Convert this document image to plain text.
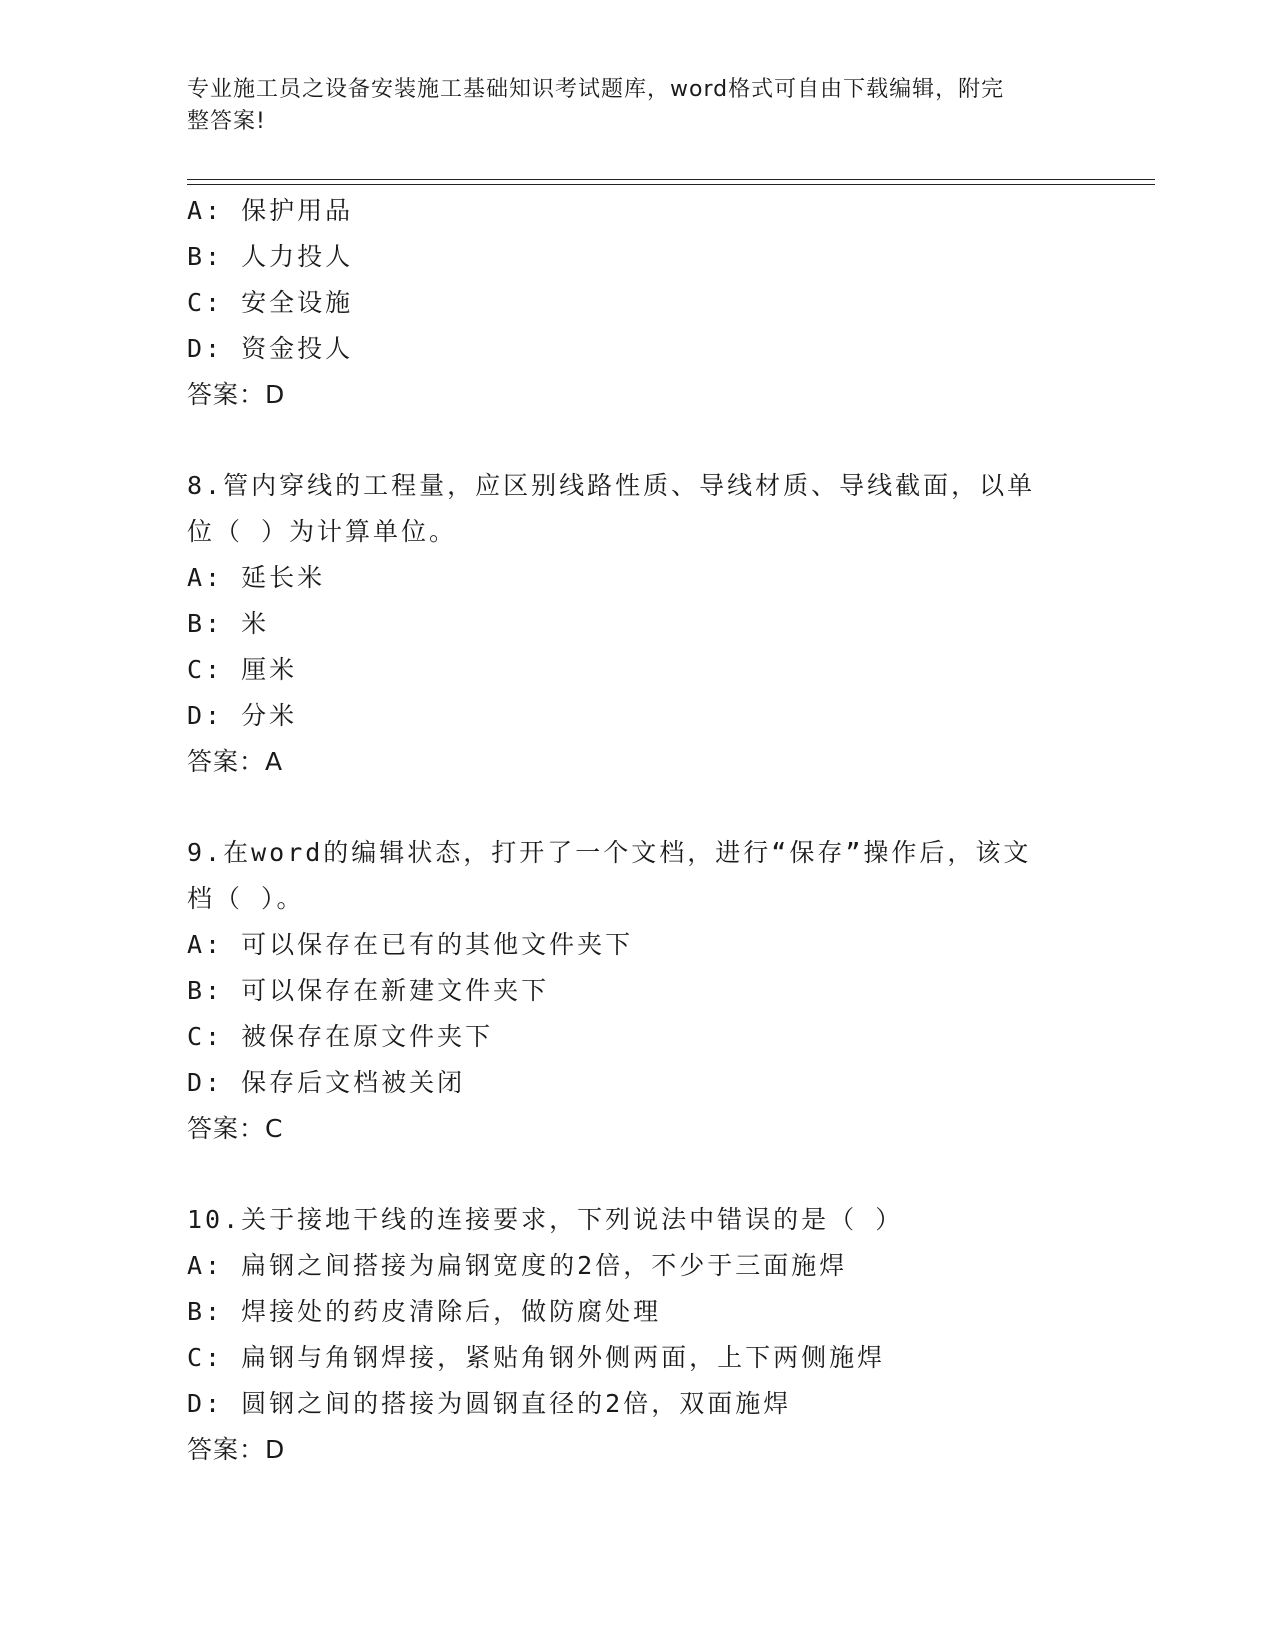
专业施工员之设备安装施工基础知识考试题库，word格式可自由下载编辑，附完
整答案!
A: 保护用品
B: 人力投人
C: 安全设施
D: 资金投人
答案：D
8.管内穿线的工程量，应区别线路性质、导线材质、导线截面，以单
位（ ）为计算单位。
A: 延长米
B: 米
C: 厘米
D: 分米
答案：A
9.在word的编辑状态，打开了一个文档，进行“保存”操作后，该文
档（ ）。
A: 可以保存在已有的其他文件夹下
B: 可以保存在新建文件夹下
C: 被保存在原文件夹下
D: 保存后文档被关闭
答案：C
10.关于接地干线的连接要求，下列说法中错误的是（ ）
A: 扁钢之间搭接为扁钢宽度的2倍，不少于三面施焊
B: 焊接处的药皮清除后，做防腐处理
C: 扁钢与角钢焊接，紧贴角钢外侧两面，上下两侧施焊
D: 圆钢之间的搭接为圆钢直径的2倍，双面施焊
答案：D
